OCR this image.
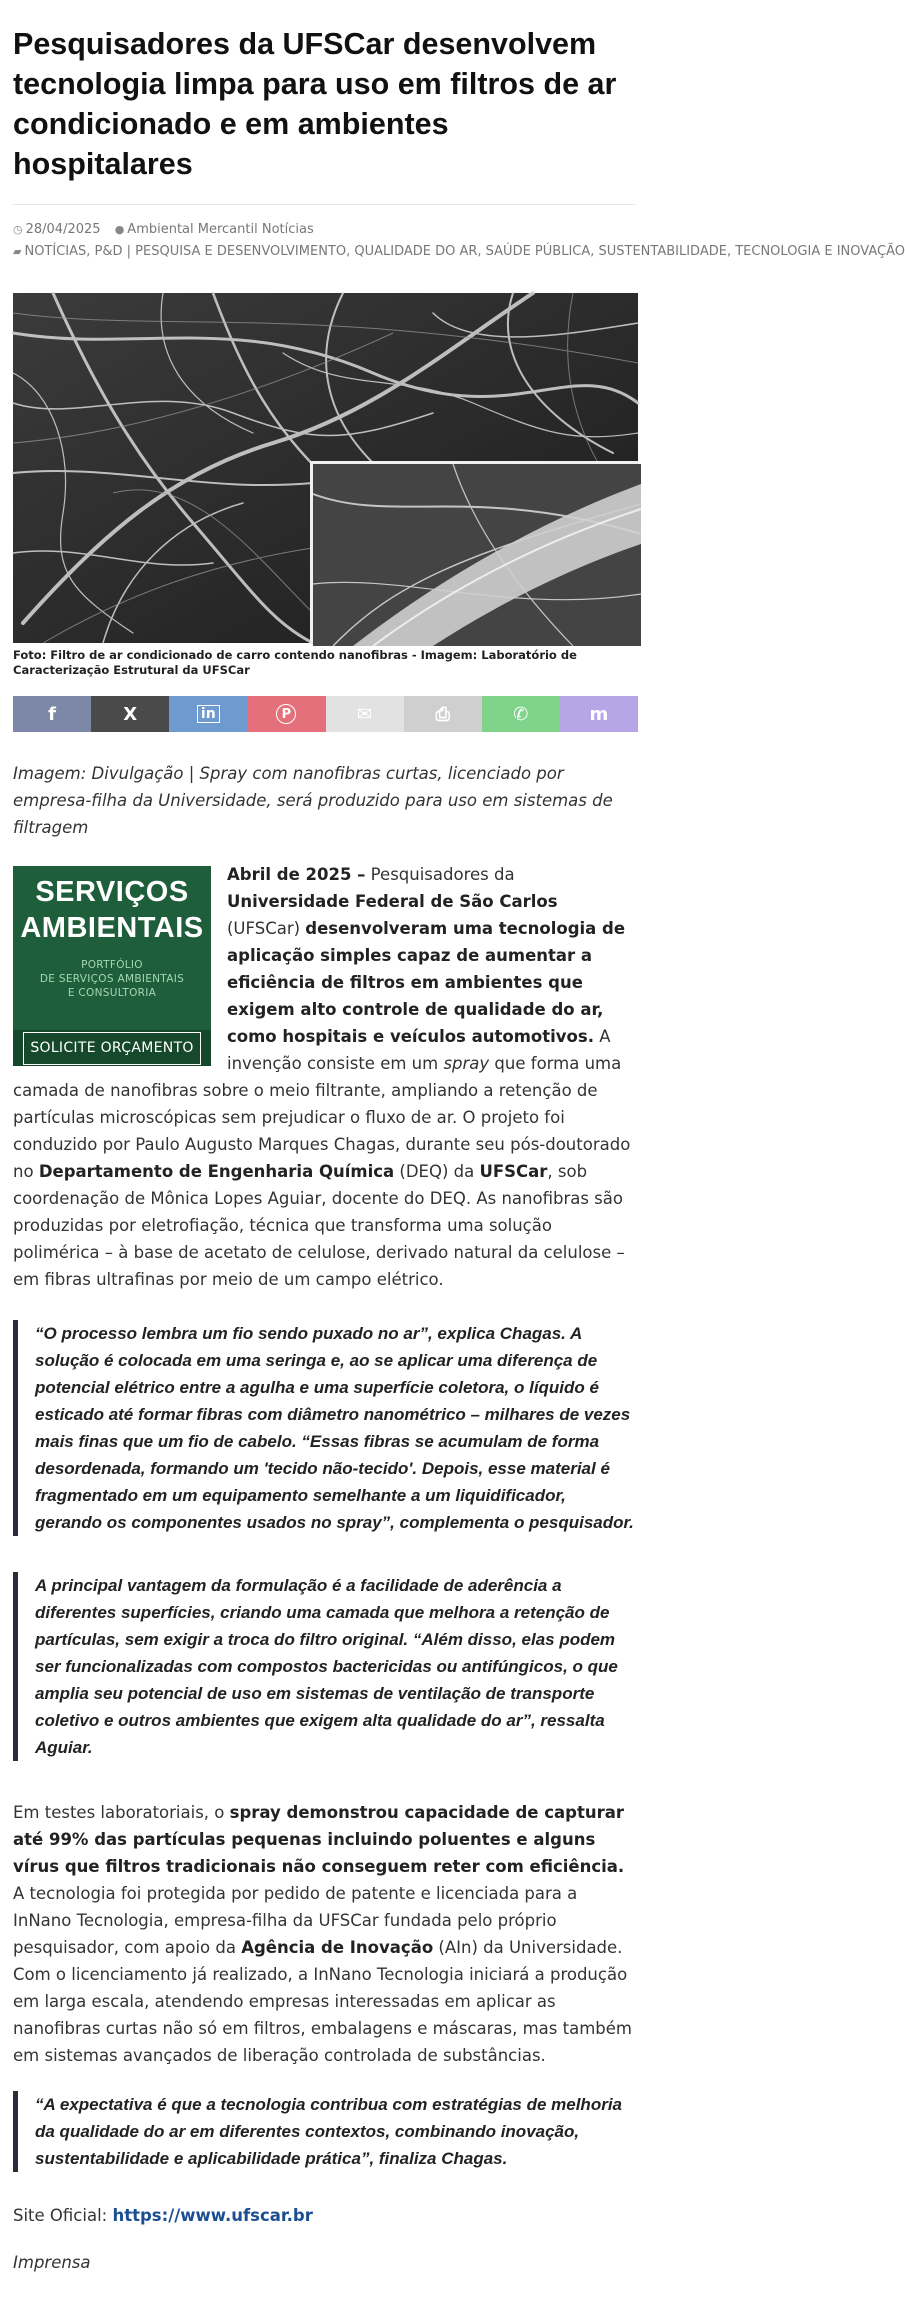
Pesquisadores da UFSCar desenvolvem tecnologia limpa para uso em filtros de ar condicionado e em ambientes hospitalares
◷ 28/04/2025 ● Ambiental Mercantil Notícias ▰ NOTÍCIAS, P&D | PESQUISA E DESENVOLVIMENTO, QUALIDADE DO AR, SAÚDE PÚBLICA, SUSTENTABILIDADE, TECNOLOGIA E INOVAÇÃO
Foto: Filtro de ar condicionado de carro contendo nanofibras - Imagem: Laboratório de Caracterização Estrutural da UFSCar
f	X	in	P	✉	⎙	✆	m

Imagem: Divulgação | Spray com nanofibras curtas, licenciado por empresa-filha da Universidade, será produzido para uso em sistemas de filtragem

SERVIÇOS
AMBIENTAIS
PORTFÓLIO
DE SERVIÇOS AMBIENTAIS
E CONSULTORIA
SOLICITE ORÇAMENTO

Abril de 2025 – Pesquisadores da Universidade Federal de São Carlos (UFSCar) desenvolveram uma tecnologia de aplicação simples capaz de aumentar a eficiência de filtros em ambientes que exigem alto controle de qualidade do ar, como hospitais e veículos automotivos. A invenção consiste em um spray que forma uma camada de nanofibras sobre o meio filtrante, ampliando a retenção de partículas microscópicas sem prejudicar o fluxo de ar. O projeto foi conduzido por Paulo Augusto Marques Chagas, durante seu pós-doutorado no Departamento de Engenharia Química (DEQ) da UFSCar, sob coordenação de Mônica Lopes Aguiar, docente do DEQ. As nanofibras são produzidas por eletrofiação, técnica que transforma uma solução polimérica – à base de acetato de celulose, derivado natural da celulose – em fibras ultrafinas por meio de um campo elétrico.

“O processo lembra um fio sendo puxado no ar”, explica Chagas. A solução é colocada em uma seringa e, ao se aplicar uma diferença de potencial elétrico entre a agulha e uma superfície coletora, o líquido é esticado até formar fibras com diâmetro nanométrico – milhares de vezes mais finas que um fio de cabelo. “Essas fibras se acumulam de forma desordenada, formando um 'tecido não-tecido'. Depois, esse material é fragmentado em um equipamento semelhante a um liquidificador, gerando os componentes usados no spray”, complementa o pesquisador.
A principal vantagem da formulação é a facilidade de aderência a diferentes superfícies, criando uma camada que melhora a retenção de partículas, sem exigir a troca do filtro original. “Além disso, elas podem ser funcionalizadas com compostos bactericidas ou antifúngicos, o que amplia seu potencial de uso em sistemas de ventilação de transporte coletivo e outros ambientes que exigem alta qualidade do ar”, ressalta Aguiar.

Em testes laboratoriais, o spray demonstrou capacidade de capturar até 99% das partículas pequenas incluindo poluentes e alguns vírus que filtros tradicionais não conseguem reter com eficiência. A tecnologia foi protegida por pedido de patente e licenciada para a InNano Tecnologia, empresa-filha da UFSCar fundada pelo próprio pesquisador, com apoio da Agência de Inovação (AIn) da Universidade. Com o licenciamento já realizado, a InNano Tecnologia iniciará a produção em larga escala, atendendo empresas interessadas em aplicar as nanofibras curtas não só em filtros, embalagens e máscaras, mas também em sistemas avançados de liberação controlada de substâncias.

“A expectativa é que a tecnologia contribua com estratégias de melhoria da qualidade do ar em diferentes contextos, combinando inovação, sustentabilidade e aplicabilidade prática”, finaliza Chagas.

Site Oficial: https://www.ufscar.br

Imprensa
